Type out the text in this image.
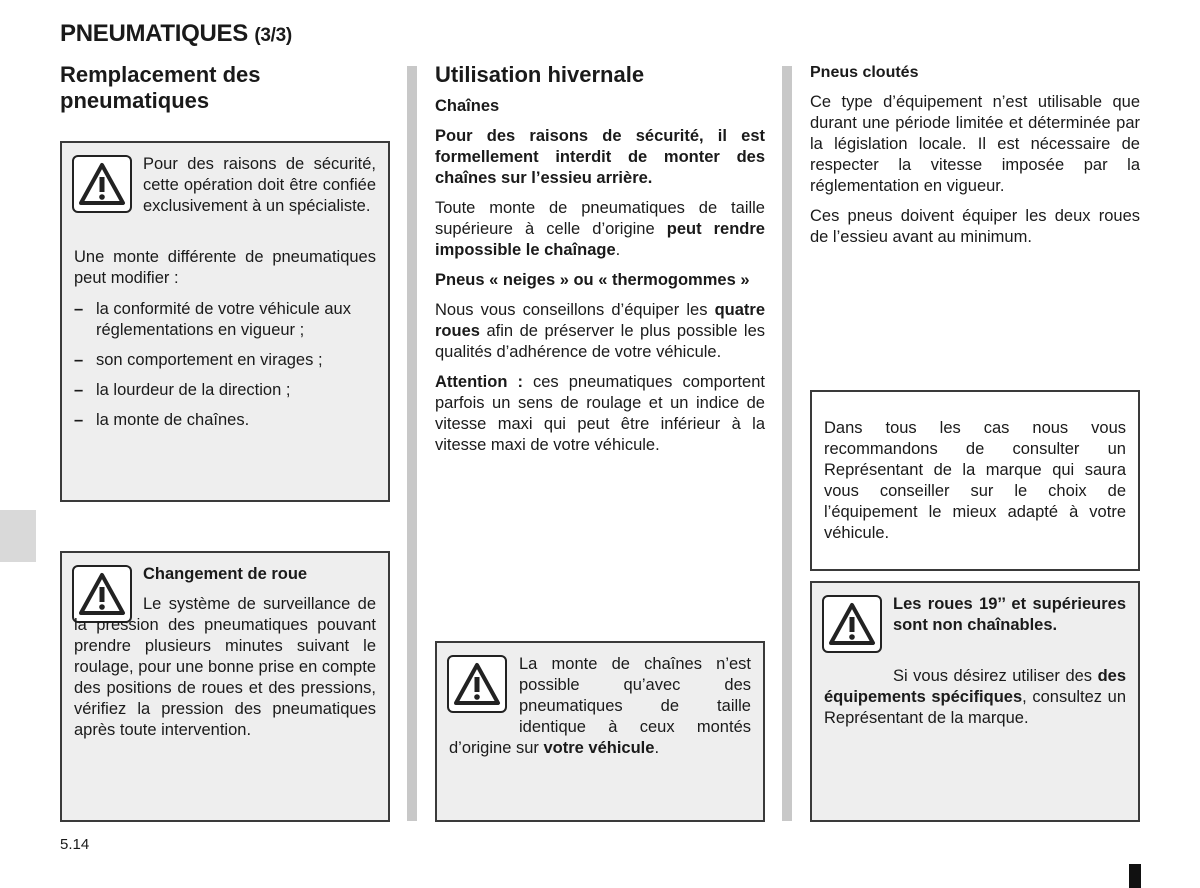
PNEUMATIQUES (3/3)
Remplacement des pneumatiques

Pour des raisons de sécurité, cette opération doit être confiée exclusivement à un spécialiste.

Une monte différente de pneumatiques peut modifier :

– la conformité de votre véhicule aux réglementations en vigueur ;
– son comportement en virages ;
– la lourdeur de la direction ;
– la monte de chaînes.

Changement de roue

Le système de surveillance de la pression des pneumatiques pouvant prendre plusieurs minutes suivant le roulage, pour une bonne prise en compte des positions de roues et des pressions, vérifiez la pression des pneumatiques après toute intervention.

Utilisation hivernale

Chaînes

Pour des raisons de sécurité, il est formellement interdit de monter des chaînes sur l’essieu arrière.

Toute monte de pneumatiques de taille supérieure à celle d’origine peut rendre impossible le chaînage.

Pneus « neiges » ou « thermogommes »

Nous vous conseillons d’équiper les quatre roues afin de préserver le plus possible les qualités d’adhérence de votre véhicule.

Attention : ces pneumatiques comportent parfois un sens de roulage et un indice de vitesse maxi qui peut être inférieur à la vitesse maxi de votre véhicule.

La monte de chaînes n’est possible qu’avec des pneumatiques de taille identique à ceux montés d’origine sur votre véhicule.

Pneus cloutés

Ce type d’équipement n’est utilisable que durant une période limitée et déterminée par la législation locale. Il est nécessaire de respecter la vitesse imposée par la réglementation en vigueur.

Ces pneus doivent équiper les deux roues de l’essieu avant au minimum.

Dans tous les cas nous vous recommandons de consulter un Représentant de la marque qui saura vous conseiller sur le choix de l’équipement le mieux adapté à votre véhicule.

Les roues 19’’ et supérieures sont non chaînables.

Si vous désirez utiliser des des équipements spécifiques, consultez un Représentant de la marque.

5.14
